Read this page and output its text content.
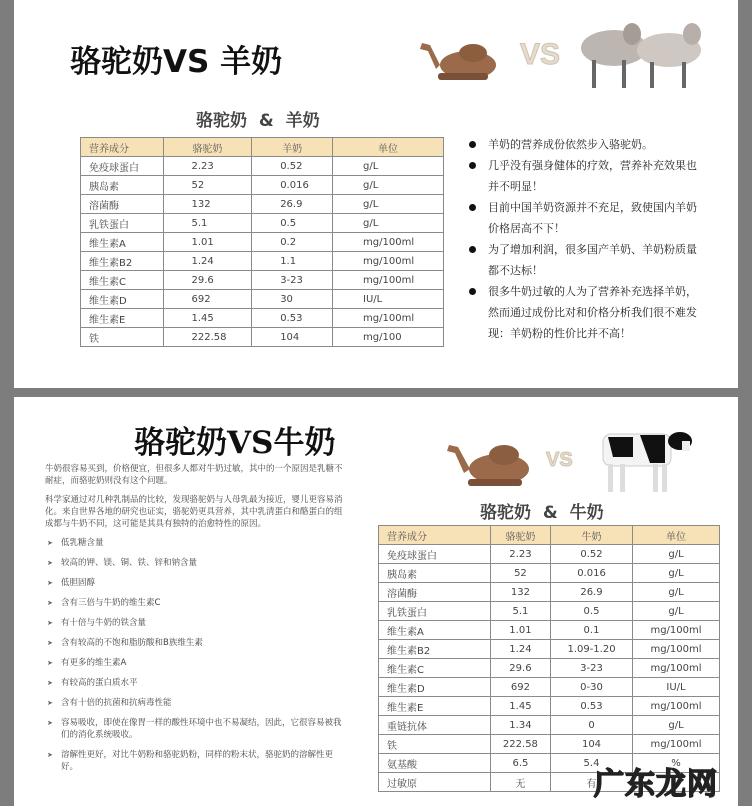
骆驼奶VS 羊奶	VS
骆驼奶 & 羊奶
营养成分	骆驼奶	羊奶	单位
免疫球蛋白	2.23	0.52	g/L
胰岛素	52	0.016	g/L
溶菌酶	132	26.9	g/L
乳铁蛋白	5.1	0.5	g/L
维生素A	1.01	0.2	mg/100ml
维生素B2	1.24	1.1	mg/100ml
维生素C	29.6	3-23	mg/100ml
维生素D	692	30	IU/L
维生素E	1.45	0.53	mg/100ml
铁	222.58	104	mg/100
羊奶的营养成份依然步入骆驼奶。
几乎没有强身健体的疗效，营养补充效果也并不明显！
目前中国羊奶资源并不充足，致使国内羊奶价格居高不下！
为了增加利润，很多国产羊奶、羊奶粉质量都不达标！
很多牛奶过敏的人为了营养补充选择羊奶，然而通过成份比对和价格分析我们很不难发现：羊奶粉的性价比并不高！
骆驼奶VS牛奶

牛奶很容易买到，价格便宜，但很多人都对牛奶过敏，其中的一个原因是乳糖不耐症，而骆驼奶则没有这个问题。

科学家通过对几种乳制品的比较，发现骆驼奶与人母乳最为接近，婴儿更容易消化。来自世界各地的研究也证实，骆驼奶更具营养，其中乳清蛋白和酪蛋白的组成都与牛奶不同，这可能是其具有独特的治愈特性的原因。

➤ 低乳糖含量
➤ 较高的钾、镁、铜、铁、锌和钠含量
➤ 低胆固醇
➤ 含有三倍与牛奶的维生素C
➤ 有十倍与牛奶的铁含量
➤ 含有较高的不饱和脂肪酸和B族维生素
➤ 有更多的维生素A
➤ 有较高的蛋白质水平
➤ 含有十倍的抗菌和抗病毒性能
➤ 容易吸收，即使在像胃一样的酸性环境中也不易凝结，因此，它很容易被我们的消化系统吸收。
➤ 溶解性更好，对比牛奶粉和骆驼奶粉，同样的粉末状，骆驼奶的溶解性更好。
VS
骆驼奶 & 牛奶
营养成分	骆驼奶	牛奶	单位
免疫球蛋白	2.23	0.52	g/L
胰岛素	52	0.016	g/L
溶菌酶	132	26.9	g/L
乳铁蛋白	5.1	0.5	g/L
维生素A	1.01	0.1	mg/100ml
维生素B2	1.24	1.09-1.20	mg/100ml
维生素C	29.6	3-23	mg/100ml
维生素D	692	0-30	IU/L
维生素E	1.45	0.53	mg/100ml
重链抗体	1.34	0	g/L
铁	222.58	104	mg/100ml
氨基酸	6.5	5.4	%
过敏原	无	有	
广东龙网
